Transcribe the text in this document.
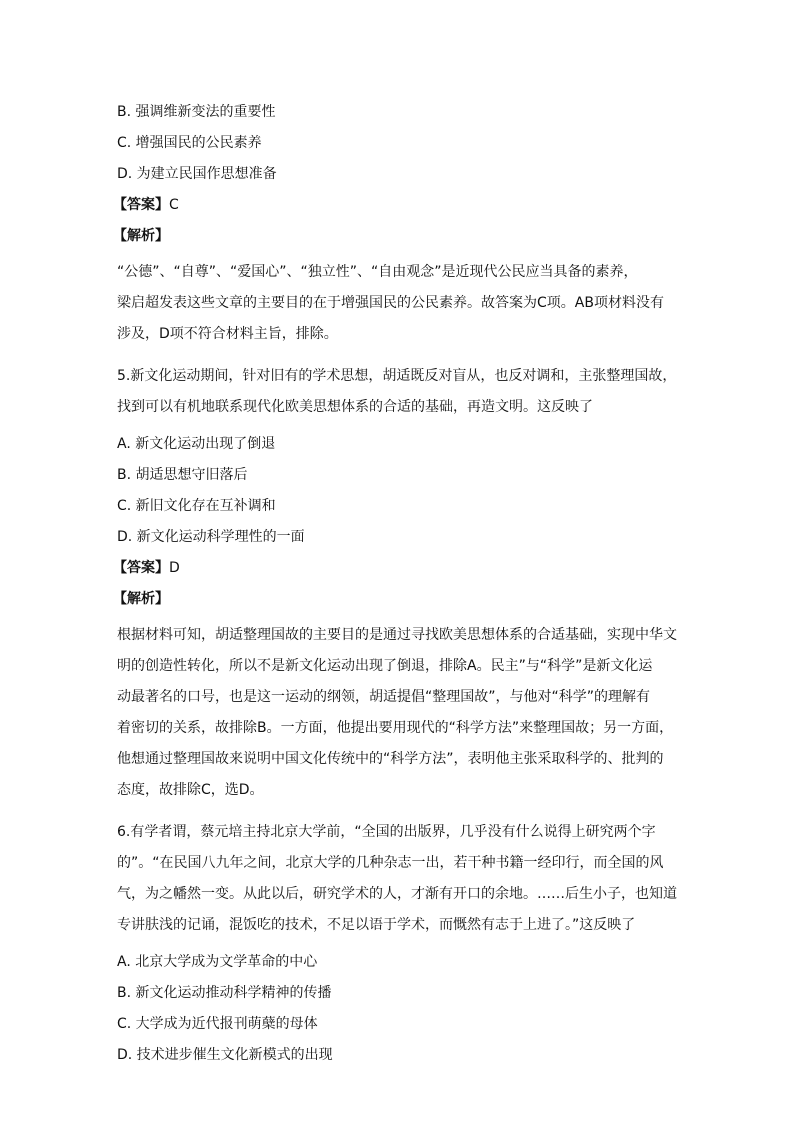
B. 强调维新变法的重要性
C. 增强国民的公民素养
D. 为建立民国作思想准备
【答案】C
【解析】
“公德”、“自尊”、“爱国心”、“独立性”、“自由观念”是近现代公民应当具备的素养，
梁启超发表这些文章的主要目的在于增强国民的公民素养。故答案为C项。AB项材料没有
涉及，D项不符合材料主旨，排除。
5.新文化运动期间，针对旧有的学术思想，胡适既反对盲从，也反对调和，主张整理国故，
找到可以有机地联系现代化欧美思想体系的合适的基础，再造文明。这反映了
A. 新文化运动出现了倒退
B. 胡适思想守旧落后
C. 新旧文化存在互补调和
D. 新文化运动科学理性的一面
【答案】D
【解析】
根据材料可知，胡适整理国故的主要目的是通过寻找欧美思想体系的合适基础，实现中华文
明的创造性转化，所以不是新文化运动出现了倒退，排除A。民主”与“科学”是新文化运
动最著名的口号，也是这一运动的纲领，胡适提倡“整理国故”，与他对“科学”的理解有
着密切的关系，故排除B。一方面，他提出要用现代的“科学方法”来整理国故；另一方面，
他想通过整理国故来说明中国文化传统中的“科学方法”，表明他主张采取科学的、批判的
态度，故排除C，选D。
6.有学者谓，蔡元培主持北京大学前，“全国的出版界，几乎没有什么说得上研究两个字
的”。“在民国八九年之间，北京大学的几种杂志一出，若干种书籍一经印行，而全国的风
气，为之幡然一变。从此以后，研究学术的人，才渐有开口的余地。……后生小子，也知道
专讲肤浅的记诵，混饭吃的技术，不足以语于学术，而慨然有志于上进了。”这反映了
A. 北京大学成为文学革命的中心
B. 新文化运动推动科学精神的传播
C. 大学成为近代报刊萌蘖的母体
D. 技术进步催生文化新模式的出现
